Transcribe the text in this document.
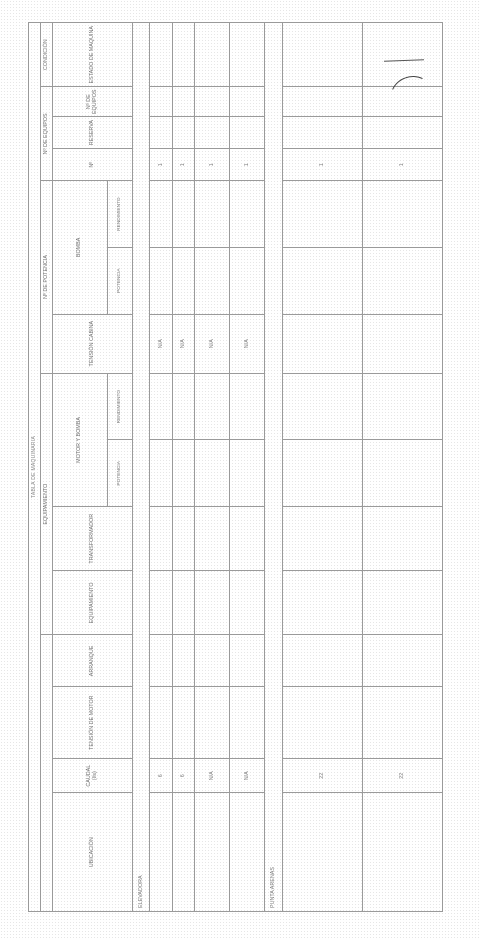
TABLA DE MAQUINARIA														
				EQUIPAMIENTO				Nº DE POTENCIA			Nº DE EQUIPOS			CONDICIÓN
UBICACIÓN	CAUDAL (l/s)	TENSIÓN DE MOTOR	ARRANQUE	EQUIPAMIENTO	TRANSFORMADOR	MOTOR Y BOMBA		TENSIÓN CABINA	BOMBA		Nº	RESERVA	Nº DE EQUIPOS	ESTADO DE MAQUINA
						POTENCIA	RENDIMIENTO		POTENCIA	RENDIMIENTO				
ELEVADORA														
	6							N/A			1			
	6							N/A			1			
	N/A							N/A			1			
	N/A							N/A			1			
PUNTA ARENAS														
	22										1			
	22										1			
